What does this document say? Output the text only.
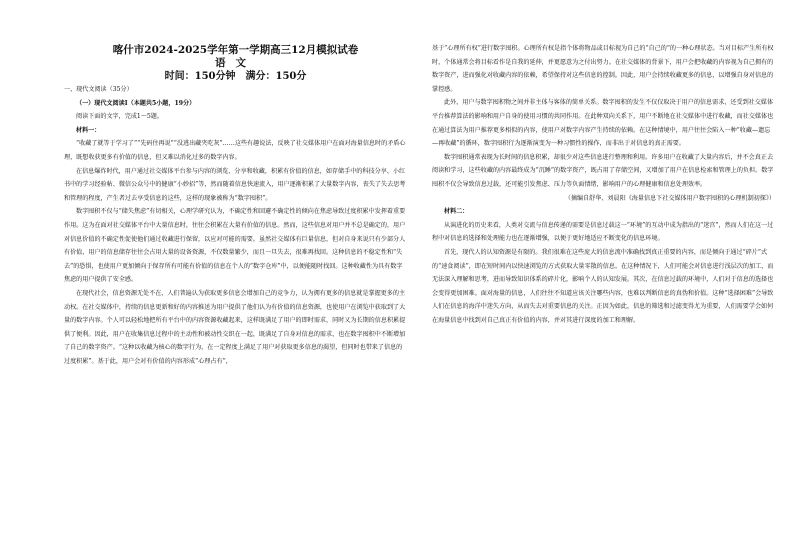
喀什市2024-2025学年第一学期高三12月模拟试卷
语文
时间：150分钟　满分：150分

一、现代文阅读（35分）

（一）现代文阅读Ⅰ（本题共5小题，19分）

阅读下面的文字，完成1～5题。

材料一：

“收藏了就等于学习了”“先码住再说”“没逃出藏夹吃灰”……这些有趣说法，反映了社交媒体用户在面对海量信息时的矛盾心理，既想收获更多有价值的信息，但又难以消化过多的数字内容。

在信息爆炸时代，用户通过社交媒体平台参与内容的浏览、分享和收藏，积累有价值的信息，如存储手中的科技分享、小红书中的学习经验帖、微信公众号中的健康“小妙招”等，然而随着信息快速流入，用户逐渐积累了大量数字内容，丧失了失去思考和管理的程度，产生者过去享受信息的这些，这样的现象被称为“数字囤积”。

数字囤积不仅与“储失焦虑”有切相关，心理学研究认为，不确定性和回避不确定性的倾向在焦虑导致过度积累中发挥着重要作用。这为在面对社交媒体平台中大量信息时，往往会积累在大量有价值的信息。然而，这些信息对用户并不总是确定的，用户对信息价值的不确定性促使他们通过收藏进行保留，以应对可能的需要。虽然社交媒体有巨量信息，但对自身来说只有少部分人有价值，用户的信息储存往往会占用大量的设备资源，不仅数量繁少，而且一旦失去，很难再找回。这种信息的不稳定性和“失去”的恐惧，也使用户更加倾向于保存所有可能有价值的信息在个人的“数字仓库”中，以便能随时找回。这种收藏性为具有数字焦虑的用户提供了安全感。

在现代社会，信息资源无处不在，人们普遍认为获取更多信息会增加自己的竞争力，认为拥有更多的信息就是掌握更多的主动权。在社交媒体中，持续的信息更新和好的内容推送为用户提供了他们认为有价值的信息资源，也使用户在浏览中获取到了大量的数字内容。个人可以轻松地把所有平台中的内容资源收藏起来，这样既满足了用户的即时需求，同时又为长期的信息积累提供了便利。因此，用户在收集信息过程中的主动性和被动性交织在一起，既满足了自身对信息的需求，也在数字囤积中不断增加了自己的数字资产。“这种以收藏为核心的数字行为，在一定程度上满足了用户对获取更多信息的渴望，但同时也带来了信息的过度积累”。基于此，用户会对有价值的内容形成“心理占有”，

基于“心理所有权”进行数字囤积。心理所有权是指个体将物品或目标视为自己的“自己的”的一种心理状态。当对目标产生所有权时，个体通常会将目标看作是自我的延伸，并更愿意为之付出努力。在社交媒体的背景下，用户会把收藏的内容视为自己拥有的数字资产，进而强化对收藏内容的依赖，希望保持对这些信息的控制。因此，用户会持续收藏更多的信息，以增强自身对信息的掌控感。

此外，用户与数字囤积物之间并非主体与客体的简单关系。数字囤积的发生不仅仅取决于用户的信息需求，还受到社交媒体平台推荐算法的影响和用户自身的使用习惯的共同作用。在此种双向关系下，用户不断地在社交媒体中进行收藏，而社交媒体也在通过算法为用户推荐更多相似的内容，使用户对数字内容产生持续的依赖。在这种情境中，用户往往会陷入一种“收藏—遗忘—再收藏”的循环，数字囤积行为逐渐演变为一种习惯性的操作，而非出于对信息的真正需要。

数字囤积通常表现为长时间的信息积累，却很少对这些信息进行整理和利用。许多用户在收藏了大量内容后，并不会真正去阅读和学习，这些收藏的内容最终成为“沉睡”的数字资产，既占用了存储空间，又增加了用户在信息检索和管理上的负担。数字囤积不仅会导致信息过载，还可能引发焦虑、压力等负面情绪，影响用户的心理健康和信息处理效率。

（摘编自舒华、刘晨阳《海量信息下社交媒体用户数字囤积的心理机制初探》）

材料二：

从演进化的历史来看，人类对交流与信息传递的需要是信息过载这一“环境”的互动中成为指出的“迷宫”，然而人们在这一过程中对信息的选择和处理能力也在逐渐增强，以便于更好地适应不断变化的信息环境。

首先，现代人的认知资源是有限的。我们很难在这些庞大的信息流中准确找到真正重要的内容，而是倾向于通过“碎片”式的“速食阅读”，即在短时间内以快速浏览的方式获取大量零散的信息。在这种情况下，人们可能会对信息进行浅层次的加工，而无法深入理解和思考，进而导致知识体系的碎片化，影响个人的认知发展。其次，在信息过载的环境中，人们对于信息的选择也会变得更加困难。面对海量的信息，人们往往不知道应该关注哪些内容，也难以判断信息的真伪和价值。这种“选择困难”会导致人们在信息的海洋中迷失方向，从而失去对重要信息的关注。正因为如此，信息的筛选和过滤变得尤为重要，人们需要学会如何在海量信息中找到对自己真正有价值的内容，并对其进行深度的加工和理解。
